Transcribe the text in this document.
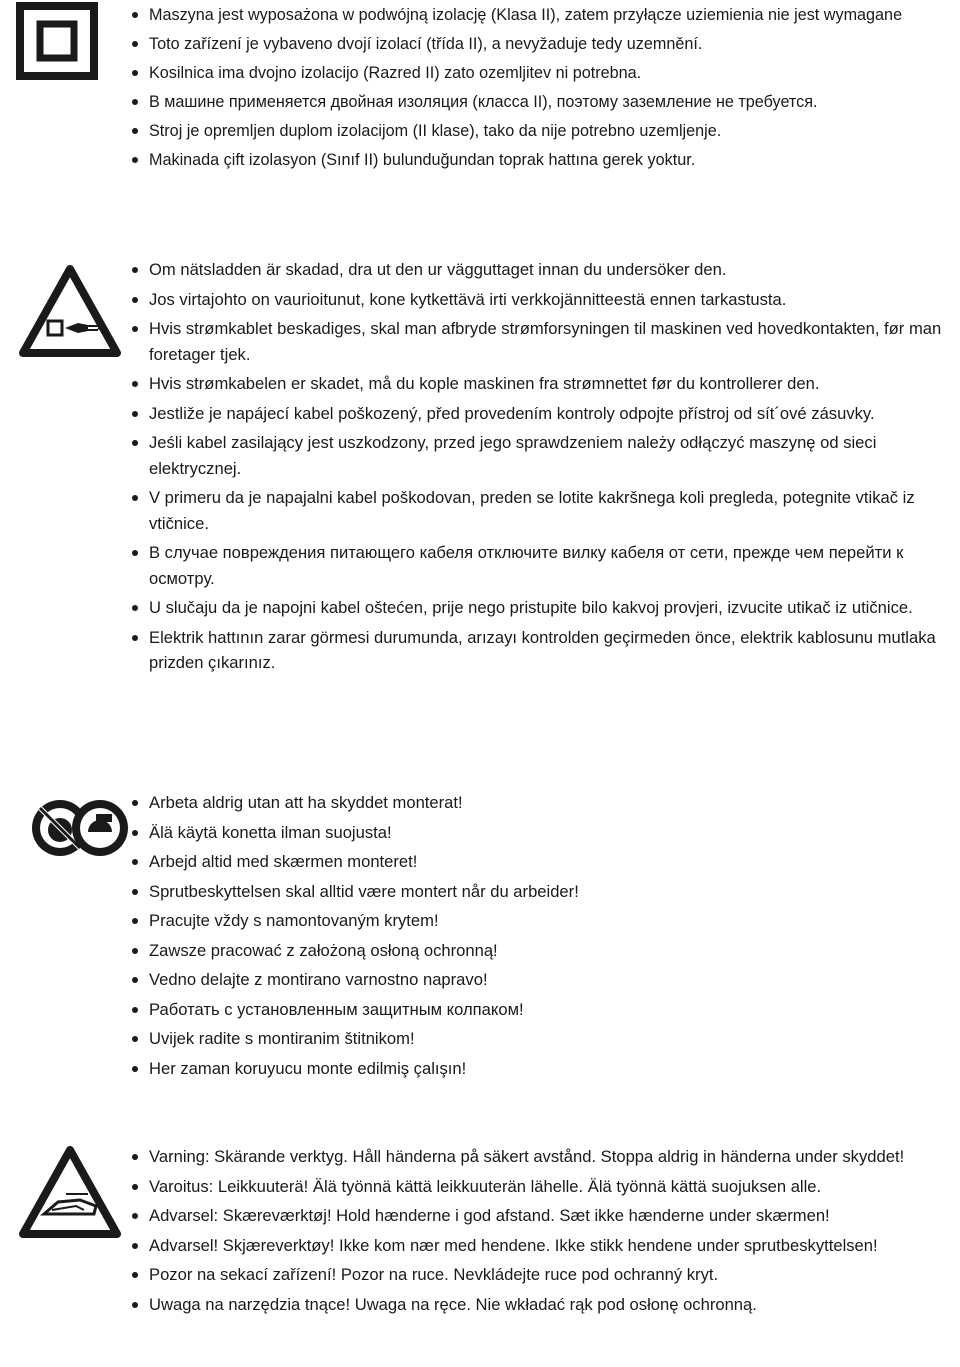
Maszyna jest wyposażona w podwójną izolację (Klasa II), zatem przyłącze uziemienia nie jest wymagane
Toto zařízení je vybaveno dvojí izolací (třída II), a nevyžaduje tedy uzemnění.
Kosilnica ima dvojno izolacijo (Razred II) zato ozemljitev ni potrebna.
В машине применяется двойная изоляция (класса II), поэтому заземление не требуется.
Stroj je opremljen duplom izolacijom (II klase), tako da nije potrebno uzemljenje.
Makinada çift izolasyon (Sınıf II) bulunduğundan toprak hattına gerek yoktur.
Om nätsladden är skadad, dra ut den ur vägguttaget innan du undersöker den.
Jos virtajohto on vaurioitunut, kone kytkettävä irti verkkojännitteestä ennen tarkastusta.
Hvis strømkablet beskadiges, skal man afbryde strømforsyningen til maskinen ved hovedkontakten, før man foretager tjek.
Hvis strømkabelen er skadet, må du kople maskinen fra strømnettet før du kontrollerer den.
Jestliže je napájecí kabel poškozený, před provedením kontroly odpojte přístroj od sít´ové zásuvky.
Jeśli kabel zasilający jest uszkodzony, przed jego sprawdzeniem należy odłączyć maszynę od sieci elektrycznej.
V primeru da je napajalni kabel poškodovan, preden se lotite kakršnega koli pregleda, potegnite vtikač iz vtičnice.
В случае повреждения питающего кабеля отключите вилку кабеля от сети, прежде чем перейти к осмотру.
U slučaju da je napojni kabel oštećen, prije nego pristupite bilo kakvoj provjeri, izvucite utikač iz utičnice.
Elektrik hattının zarar görmesi durumunda, arızayı kontrolden geçirmeden önce, elektrik kablosunu mutlaka prizden çıkarınız.
Arbeta aldrig utan att ha skyddet monterat!
Älä käytä konetta ilman suojusta!
Arbejd altid med skærmen monteret!
Sprutbeskyttelsen skal alltid være montert når du arbeider!
Pracujte vždy s namontovaným krytem!
Zawsze pracować z założoną osłoną ochronną!
Vedno delajte z montirano varnostno napravo!
Работать с установленным защитным колпаком!
Uvijek radite s montiranim štitnikom!
Her zaman koruyucu monte edilmiş çalışın!
Varning: Skärande verktyg. Håll händerna på säkert avstånd. Stoppa aldrig in händerna under skyddet!
Varoitus: Leikkuuterä! Älä työnnä kättä leikkuuterän lähelle. Älä työnnä kättä suojuksen alle.
Advarsel: Skæreværktøj! Hold hænderne i god afstand. Sæt ikke hænderne under skærmen!
Advarsel! Skjæreverktøy! Ikke kom nær med hendene. Ikke stikk hendene under sprutbeskyttelsen!
Pozor na sekací zařízení! Pozor na ruce. Nevkládejte ruce pod ochranný kryt.
Uwaga na narzędzia tnące! Uwaga na ręce. Nie wkładać rąk pod osłonę ochronną.
